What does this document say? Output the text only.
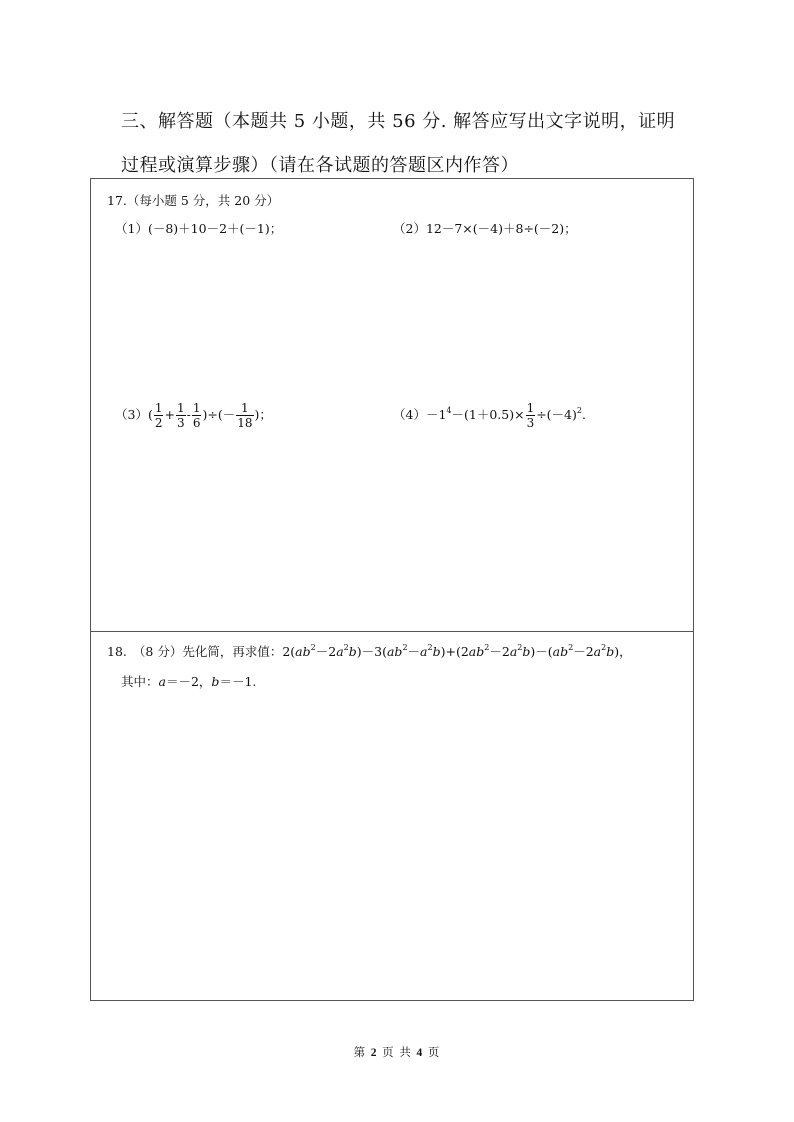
三、解答题（本题共 5 小题，共 56 分. 解答应写出文字说明，证明
过程或演算步骤）（请在各试题的答题区内作答）
17.（每小题 5 分，共 20 分）
（1）(－8)＋10－2＋(－1)；	（2）12－7×(－4)＋8÷(－2)；
$(3)( \frac{1}{2} + \frac{1}{3} - \frac{1}{6}$ )÷(－ $\frac{1}{18}$ )；	$(4)-1^4-(1+0.5)\times \frac{1}{3} \div(-4)^2$.
18. （8 分）先化简，再求值：$2(ab^2-2a^2b)-3(ab^2-a^2b)+(2ab^2-2a^2b)-(ab^2-2a^2b)$，
其中：a＝－2，b＝－1.
第 2 页 共 4 页
